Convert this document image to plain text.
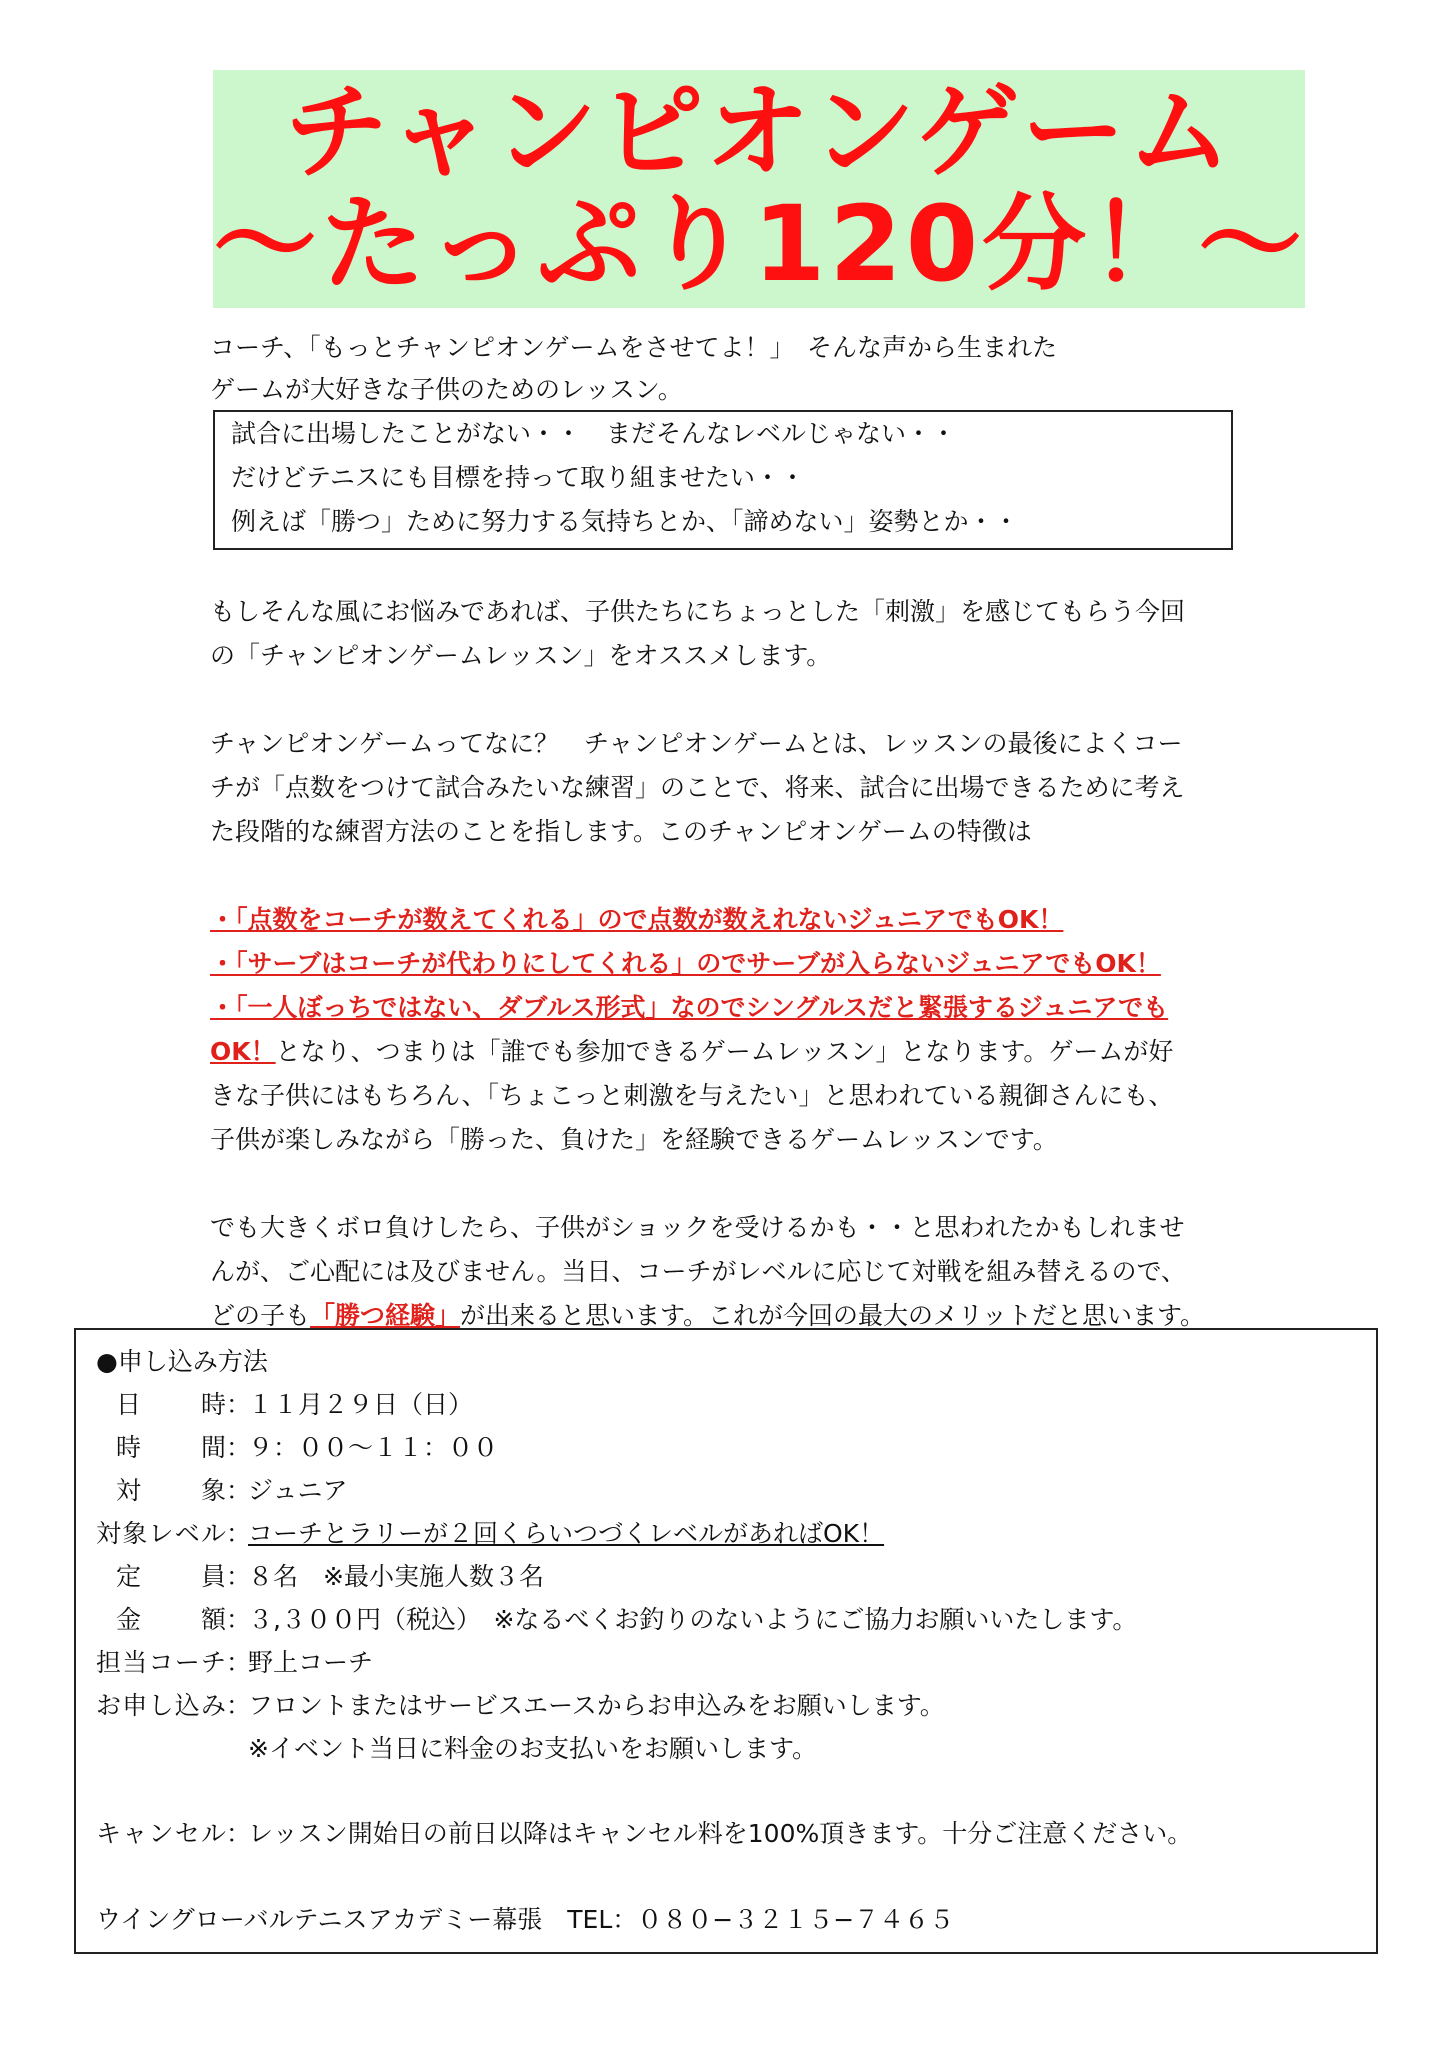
チャンピオンゲーム
〜たっぷり120分！〜
コーチ、「もっとチャンピオンゲームをさせてよ！」　そんな声から生まれた
ゲームが大好きな子供のためのレッスン。
試合に出場したことがない・・　まだそんなレベルじゃない・・
だけどテニスにも目標を持って取り組ませたい・・
例えば「勝つ」ために努力する気持ちとか、「諦めない」姿勢とか・・
もしそんな風にお悩みであれば、子供たちにちょっとした「刺激」を感じてもらう今回
の「チャンピオンゲームレッスン」をオススメします。
チャンピオンゲームってなに？　チャンピオンゲームとは、レッスンの最後によくコー
チが「点数をつけて試合みたいな練習」のことで、将来、試合に出場できるために考え
た段階的な練習方法のことを指します。このチャンピオンゲームの特徴は
・「点数をコーチが数えてくれる」ので点数が数えれないジュニアでもOK！
・「サーブはコーチが代わりにしてくれる」のでサーブが入らないジュニアでもOK！
・「一人ぼっちではない、ダブルス形式」なのでシングルスだと緊張するジュニアでも
OK！となり、つまりは「誰でも参加できるゲームレッスン」となります。ゲームが好
きな子供にはもちろん、「ちょこっと刺激を与えたい」と思われている親御さんにも、
子供が楽しみながら「勝った、負けた」を経験できるゲームレッスンです。
でも大きくボロ負けしたら、子供がショックを受けるかも・・と思われたかもしれませ
んが、ご心配には及びません。当日、コーチがレベルに応じて対戦を組み替えるので、
どの子も「勝つ経験」が出来ると思います。これが今回の最大のメリットだと思います。
●申し込み方法
日　時：１１月２９日（日）
時　間：９：００〜１１：００
対　象：ジュニア
対象レベル：コーチとラリーが２回くらいつづくレベルがあればOK！
定　員：８名　※最小実施人数３名
金　額：３,３００円（税込）　※なるべくお釣りのないようにご協力お願いいたします。
担当コーチ：野上コーチ
お申し込み：フロントまたはサービスエースからお申込みをお願いします。
※イベント当日に料金のお支払いをお願いします。
キャンセル：レッスン開始日の前日以降はキャンセル料を100%頂きます。十分ご注意ください。
ウイングローバルテニスアカデミー幕張　TEL：０８０−３２１５−７４６５
